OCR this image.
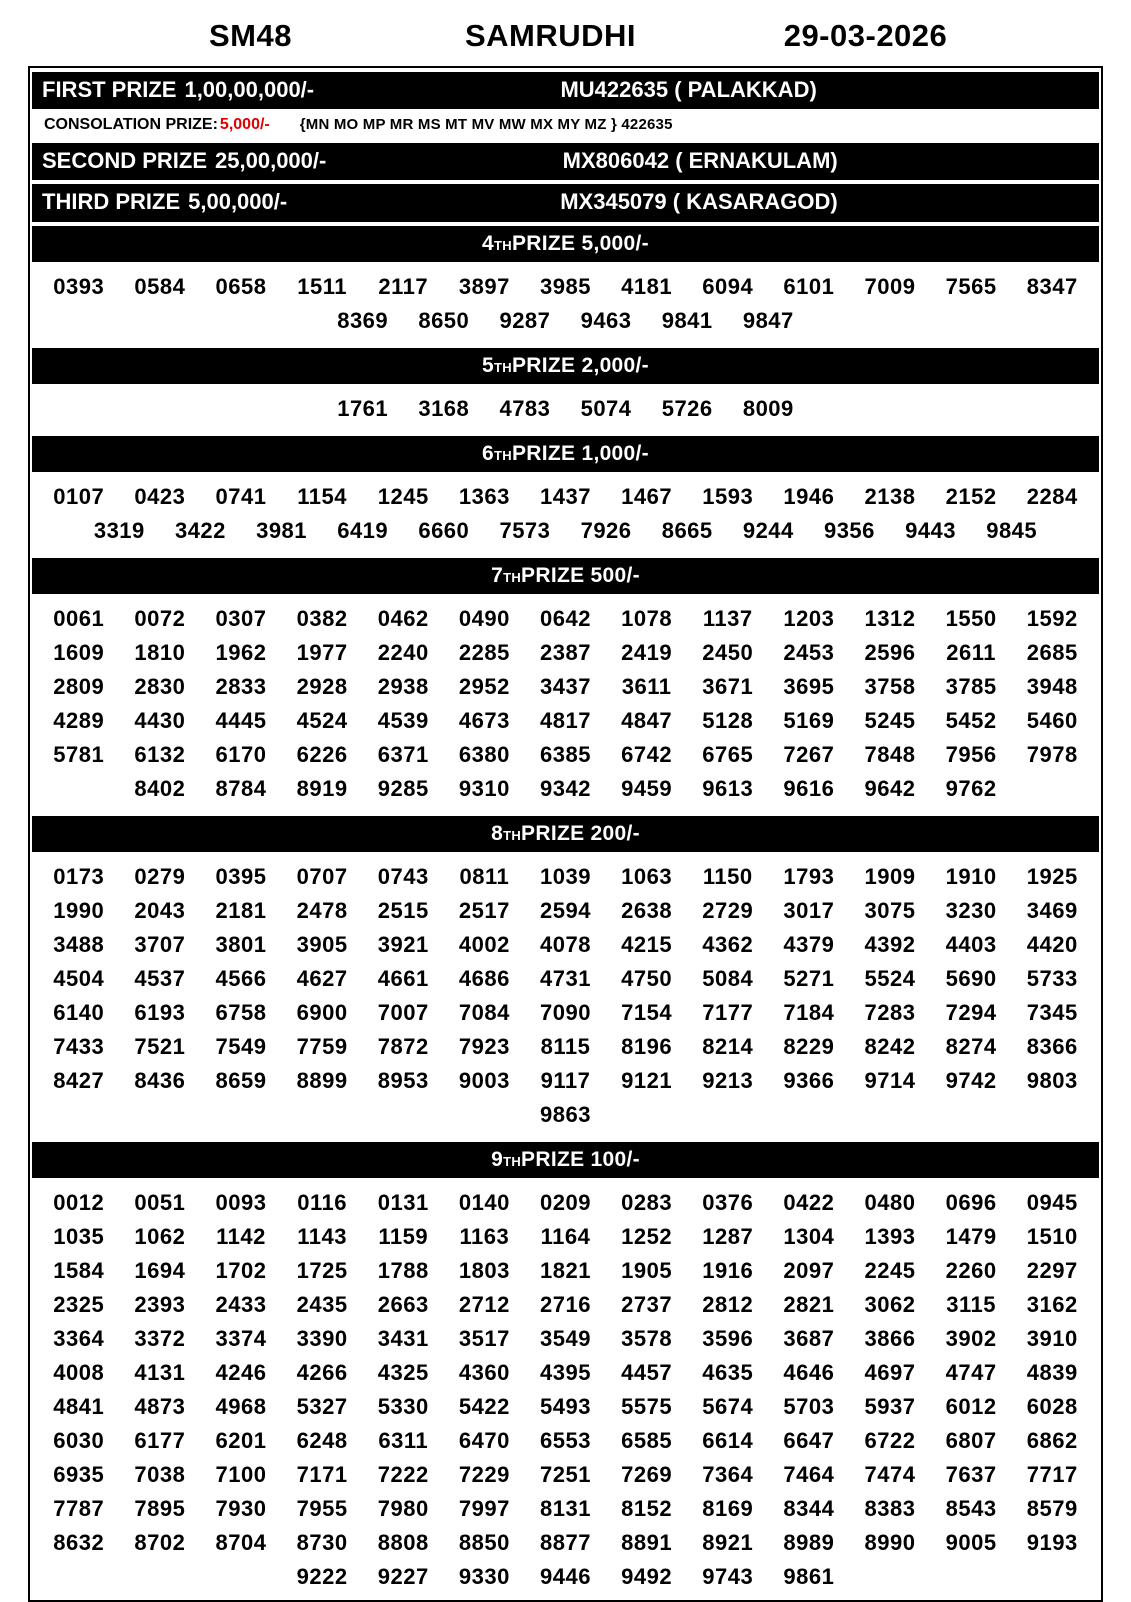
SM48	SAMRUDHI	29-03-2026
FIRST PRIZE 1,00,00,000/-	MU422635 ( PALAKKAD)
CONSOLATION PRIZE: 5,000/- {MN MO MP MR MS MT MV MW MX MY MZ } 422635
SECOND PRIZE 25,00,000/-	MX806042 ( ERNAKULAM)
THIRD PRIZE 5,00,000/-	MX345079 ( KASARAGOD)
4 TH PRIZE 5,000/-
0393	0584	0658	1511	2117	3897	3985	4181	6094	6101	7009	7565	8347
8369	8650	9287	9463	9841	9847
5 TH PRIZE 2,000/-
1761	3168	4783	5074	5726	8009
6 TH PRIZE 1,000/-
0107	0423	0741	1154	1245	1363	1437	1467	1593	1946	2138	2152	2284
3319	3422	3981	6419	6660	7573	7926	8665	9244	9356	9443	9845
7 TH PRIZE 500/-
0061	0072	0307	0382	0462	0490	0642	1078	1137	1203	1312	1550	1592
1609	1810	1962	1977	2240	2285	2387	2419	2450	2453	2596	2611	2685
2809	2830	2833	2928	2938	2952	3437	3611	3671	3695	3758	3785	3948
4289	4430	4445	4524	4539	4673	4817	4847	5128	5169	5245	5452	5460
5781	6132	6170	6226	6371	6380	6385	6742	6765	7267	7848	7956	7978
8402	8784	8919	9285	9310	9342	9459	9613	9616	9642	9762
8 TH PRIZE 200/-
0173	0279	0395	0707	0743	0811	1039	1063	1150	1793	1909	1910	1925
1990	2043	2181	2478	2515	2517	2594	2638	2729	3017	3075	3230	3469
3488	3707	3801	3905	3921	4002	4078	4215	4362	4379	4392	4403	4420
4504	4537	4566	4627	4661	4686	4731	4750	5084	5271	5524	5690	5733
6140	6193	6758	6900	7007	7084	7090	7154	7177	7184	7283	7294	7345
7433	7521	7549	7759	7872	7923	8115	8196	8214	8229	8242	8274	8366
8427	8436	8659	8899	8953	9003	9117	9121	9213	9366	9714	9742	9803
9863
9 TH PRIZE 100/-
0012	0051	0093	0116	0131	0140	0209	0283	0376	0422	0480	0696	0945
1035	1062	1142	1143	1159	1163	1164	1252	1287	1304	1393	1479	1510
1584	1694	1702	1725	1788	1803	1821	1905	1916	2097	2245	2260	2297
2325	2393	2433	2435	2663	2712	2716	2737	2812	2821	3062	3115	3162
3364	3372	3374	3390	3431	3517	3549	3578	3596	3687	3866	3902	3910
4008	4131	4246	4266	4325	4360	4395	4457	4635	4646	4697	4747	4839
4841	4873	4968	5327	5330	5422	5493	5575	5674	5703	5937	6012	6028
6030	6177	6201	6248	6311	6470	6553	6585	6614	6647	6722	6807	6862
6935	7038	7100	7171	7222	7229	7251	7269	7364	7464	7474	7637	7717
7787	7895	7930	7955	7980	7997	8131	8152	8169	8344	8383	8543	8579
8632	8702	8704	8730	8808	8850	8877	8891	8921	8989	8990	9005	9193
9222	9227	9330	9446	9492	9743	9861
